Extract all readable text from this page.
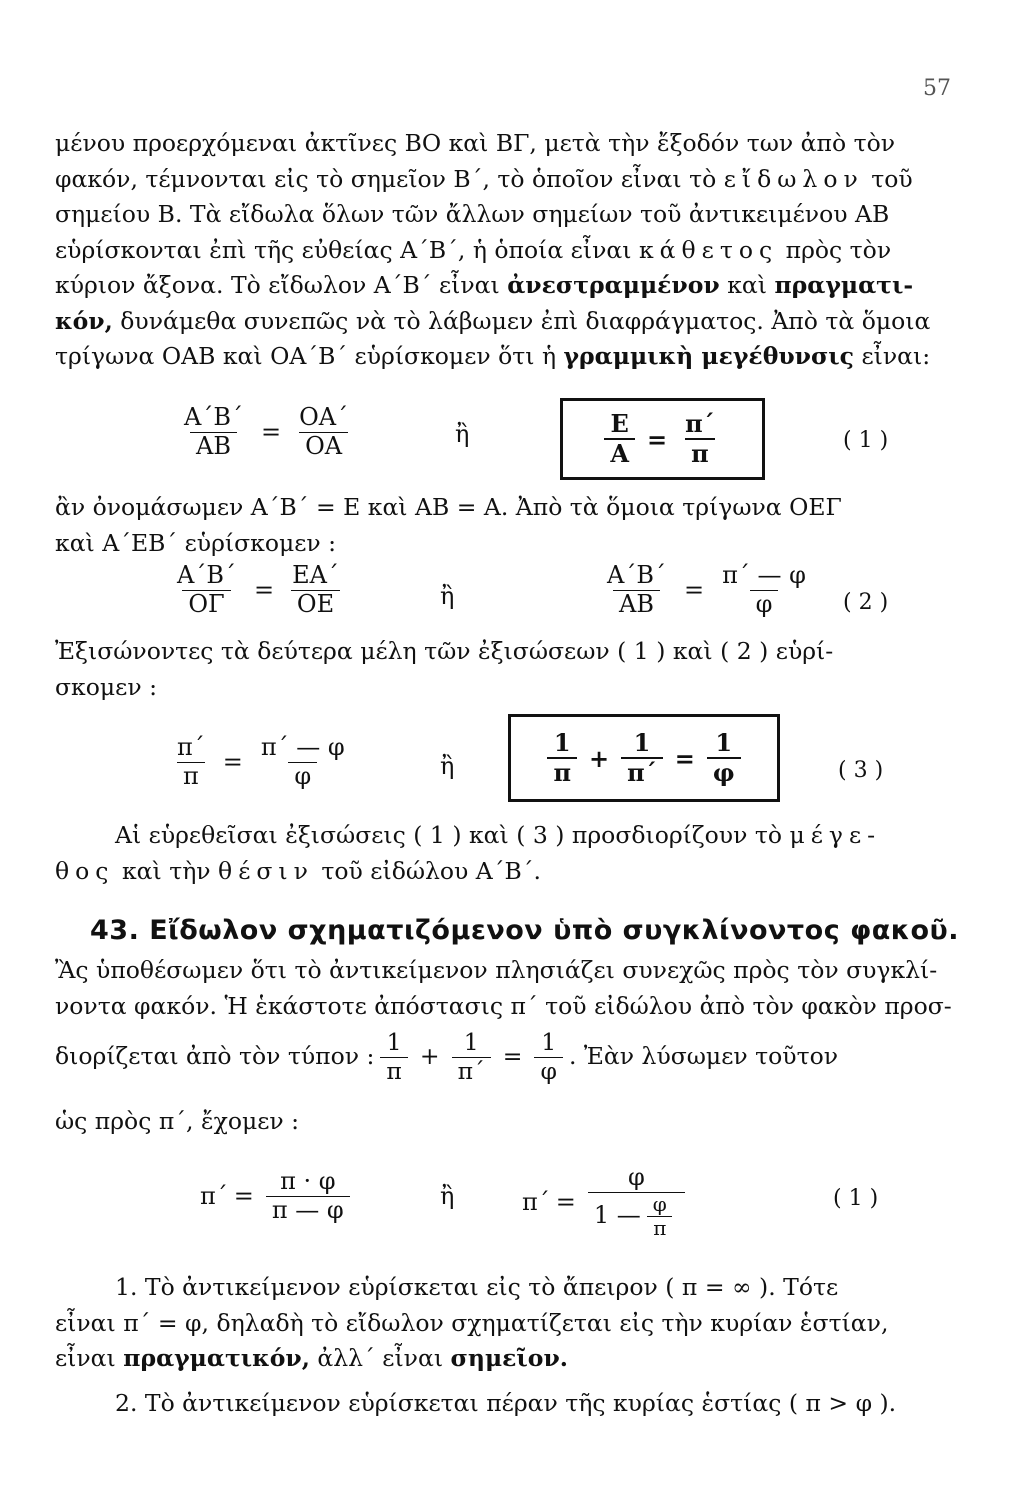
57
μένου προερχόμεναι ἀκτῖνες ΒΟ καὶ ΒΓ, μετὰ τὴν ἔξοδόν των ἀπὸ τὸν
φακόν, τέμνονται εἰς τὸ σημεῖον Β΄, τὸ ὁποῖον εἶναι τὸ εἴδωλον τοῦ
σημείου Β. Τὰ εἴδωλα ὅλων τῶν ἄλλων σημείων τοῦ ἀντικειμένου ΑΒ
εὑρίσκονται ἐπὶ τῆς εὐθείας Α΄Β΄, ἡ ὁποία εἶναι κάθετος πρὸς τὸν
κύριον ἄξονα. Τὸ εἴδωλον Α΄Β΄ εἶναι ἀνεστραμμένον καὶ πραγματι-
κόν, δυνάμεθα συνεπῶς νὰ τὸ λάβωμεν ἐπὶ διαφράγματος. Ἀπὸ τὰ ὅμοια
τρίγωνα ΟΑΒ καὶ ΟΑ΄Β΄ εὑρίσκομεν ὅτι ἡ γραμμικὴ μεγέθυνσις εἶναι:
$\frac{A΄B΄}{AB} = \frac{OA΄}{OA}$	ἢ	$\frac{E}{A} = \frac{\pi΄}{\pi}$	( 1 )
ἂν ὀνομάσωμεν Α΄Β΄ = Ε καὶ ΑΒ = Α. Ἀπὸ τὰ ὅμοια τρίγωνα ΟΕΓ
καὶ Α΄ΕΒ΄ εὑρίσκομεν :
$\frac{A΄B΄}{O\Gamma} = \frac{EA΄}{OE}$	ἢ	$\frac{A΄B΄}{AB} = \frac{\pi΄ — \varphi}{\varphi}$ ( 2 )
Ἐξισώνοντες τὰ δεύτερα μέλη τῶν ἐξισώσεων ( 1 ) καὶ ( 2 ) εὑρί-
σκομεν :
$\frac{\pi΄}{\pi} = \frac{\pi΄ — \varphi}{\varphi}$	ἢ	$\frac{1}{\pi} + \frac{1}{\pi΄} = \frac{1}{\varphi}$	( 3 )
Αἱ εὑρεθεῖσαι ἐξισώσεις ( 1 ) καὶ ( 3 ) προσδιορίζουν τὸ μέγε-
θος καὶ τὴν θέσιν τοῦ εἰδώλου Α΄Β΄.
43. Εἴδωλον σχηματιζόμενον ὑπὸ συγκλίνοντος φακοῦ.
Ἂς ὑποθέσωμεν ὅτι τὸ ἀντικείμενον πλησιάζει συνεχῶς πρὸς τὸν συγκλί-
νοντα φακόν. Ἡ ἑκάστοτε ἀπόστασις π΄ τοῦ εἰδώλου ἀπὸ τὸν φακὸν προσ-
διορίζεται ἀπὸ τὸν τύπον : $\frac{1}{\pi} + \frac{1}{\pi΄} = \frac{1}{\varphi}$ . Ἐὰν λύσωμεν τοῦτον
ὡς πρὸς π΄, ἔχομεν :
$\pi΄ = \frac{\pi \cdot \varphi}{\pi — \varphi}$	ἢ	$\pi΄ = \frac{\varphi}{1 — \frac{\varphi}{\pi}}$	( 1 )
1. Τὸ ἀντικείμενον εὑρίσκεται εἰς τὸ ἄπειρον ( π = ∞ ). Τότε
εἶναι π΄ = φ, δηλαδὴ τὸ εἴδωλον σχηματίζεται εἰς τὴν κυρίαν ἑστίαν,
εἶναι πραγματικόν, ἀλλ΄ εἶναι σημεῖον.
2. Τὸ ἀντικείμενον εὑρίσκεται πέραν τῆς κυρίας ἑστίας ( π > φ ).
